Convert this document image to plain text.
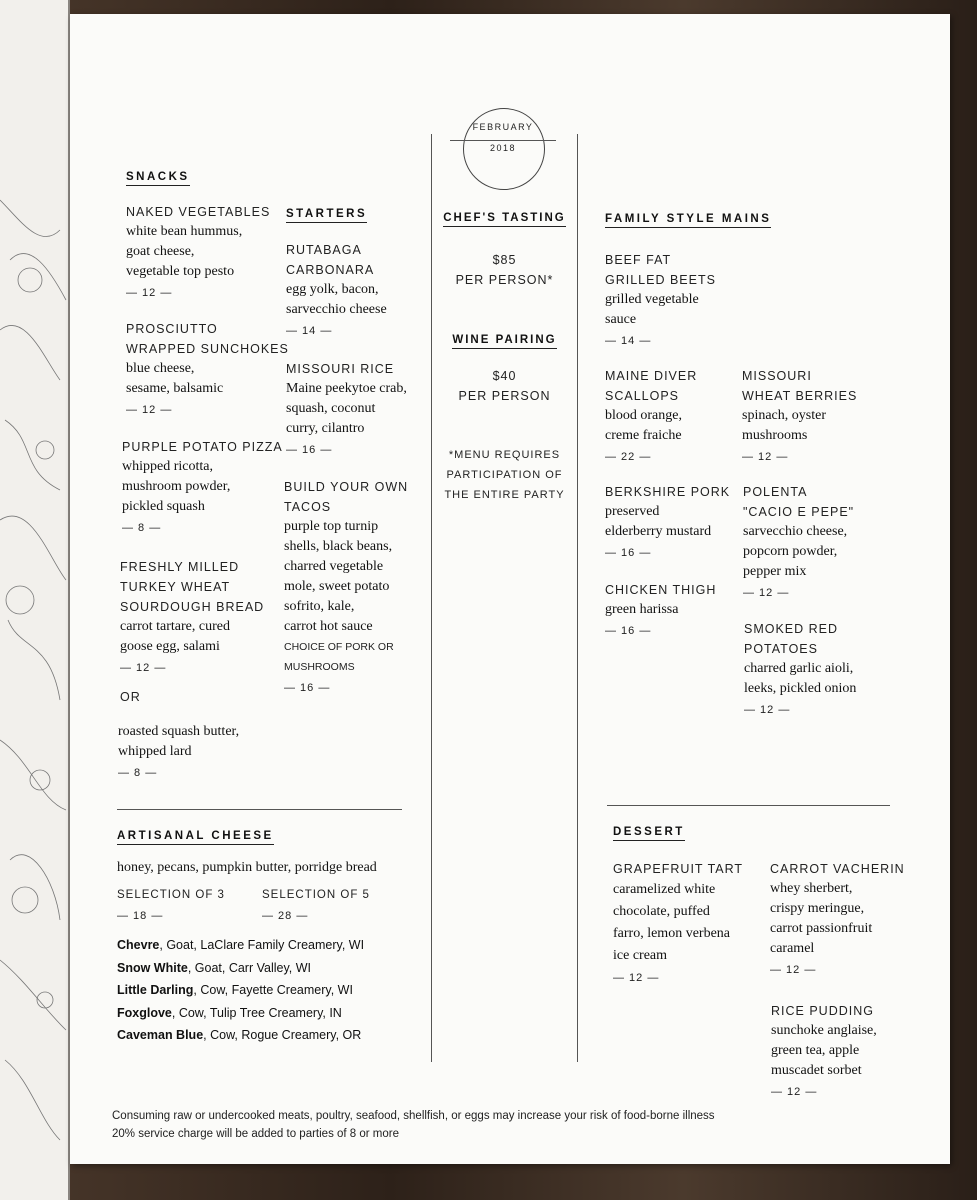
FEBRUARY
2018
SNACKS
NAKED VEGETABLES
white bean hummus,
goat cheese,
vegetable top pesto
— 12 —
PROSCIUTTO
WRAPPED SUNCHOKES
blue cheese,
sesame, balsamic
— 12 —
PURPLE POTATO PIZZA
whipped ricotta,
mushroom powder,
pickled squash
— 8 —
FRESHLY MILLED
TURKEY WHEAT
SOURDOUGH BREAD
carrot tartare, cured
goose egg, salami
— 12 —
OR
roasted squash butter,
whipped lard
— 8 —
STARTERS
RUTABAGA
CARBONARA
egg yolk, bacon,
sarvecchio cheese
— 14 —
MISSOURI RICE
Maine peekytoe crab,
squash, coconut
curry, cilantro
— 16 —
BUILD YOUR OWN
TACOS
purple top turnip
shells, black beans,
charred vegetable
mole, sweet potato
sofrito, kale,
carrot hot sauce
CHOICE OF PORK OR
MUSHROOMS
— 16 —
CHEF'S TASTING
$85
PER PERSON*
WINE PAIRING
$40
PER PERSON
*MENU REQUIRES
PARTICIPATION OF
THE ENTIRE PARTY
FAMILY STYLE MAINS
BEEF FAT
GRILLED BEETS
grilled vegetable
sauce
— 14 —
MAINE DIVER
SCALLOPS
blood orange,
creme fraiche
— 22 —
MISSOURI
WHEAT BERRIES
spinach, oyster
mushrooms
— 12 —
BERKSHIRE PORK
preserved
elderberry mustard
— 16 —
POLENTA
"CACIO E PEPE"
sarvecchio cheese,
popcorn powder,
pepper mix
— 12 —
CHICKEN THIGH
green harissa
— 16 —	SMOKED RED
POTATOES
charred garlic aioli,
leeks, pickled onion
— 12 —
ARTISANAL CHEESE
honey, pecans, pumpkin butter, porridge bread
SELECTION OF 3
— 18 —
SELECTION OF 5
— 28 —
Chevre, Goat, LaClare Family Creamery, WI
Snow White, Goat, Carr Valley, WI
Little Darling, Cow, Fayette Creamery, WI
Foxglove, Cow, Tulip Tree Creamery, IN
Caveman Blue, Cow, Rogue Creamery, OR
DESSERT
GRAPEFRUIT TART
caramelized white
chocolate, puffed
farro, lemon verbena
ice cream
— 12 —
CARROT VACHERIN
whey sherbert,
crispy meringue,
carrot passionfruit
caramel
— 12 —
RICE PUDDING
sunchoke anglaise,
green tea, apple
muscadet sorbet
— 12 —
Consuming raw or undercooked meats, poultry, seafood, shellfish, or eggs may increase your risk of food-borne illness
20% service charge will be added to parties of 8 or more
